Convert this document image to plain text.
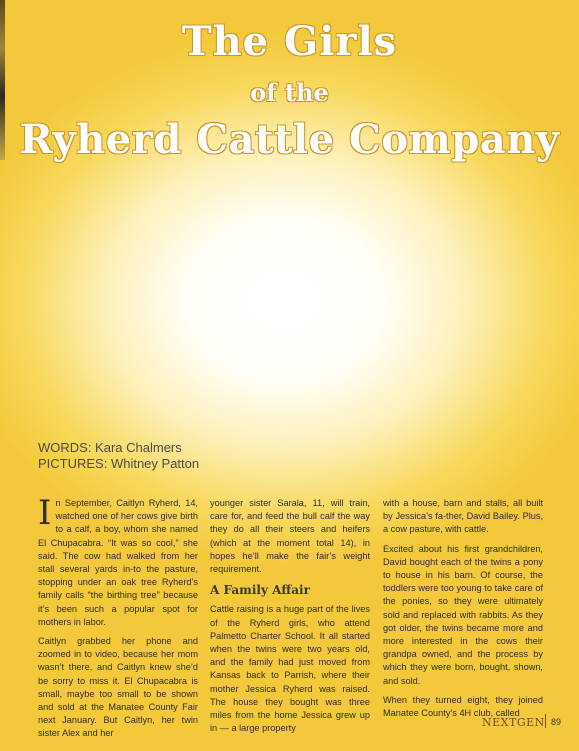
The Girls
of the
Ryherd Cattle Company
WORDS: Kara Chalmers
PICTURES: Whitney Patton

In September, Caitlyn Ryherd, 14, watched one of her cows give birth to a calf, a boy, whom she named El Chupacabra. “It was so cool,” she said. The cow had walked from her stall several yards in-to the pasture, stopping under an oak tree Ryherd’s family calls “the birthing tree” because it’s been such a popular spot for mothers in labor.

Caitlyn grabbed her phone and zoomed in to video, because her mom wasn’t there, and Caitlyn knew she’d be sorry to miss it. El Chupacabra is small, maybe too small to be shown and sold at the Manatee County Fair next January. But Caitlyn, her twin sister Alex and her

younger sister Sarala, 11, will train, care for, and feed the bull calf the way they do all their steers and heifers (which at the moment total 14), in hopes he’ll make the fair’s weight requirement.

A Family Affair

Cattle raising is a huge part of the lives of the Ryherd girls, who attend Palmetto Charter School. It all started when the twins were two years old, and the family had just moved from Kansas back to Parrish, where their mother Jessica Ryherd was raised. The house they bought was three miles from the home Jessica grew up in — a large property

with a house, barn and stalls, all built by Jessica’s fa-ther, David Bailey. Plus, a cow pasture, with cattle.

Excited about his first grandchildren, David bought each of the twins a pony to house in his barn. Of course, the toddlers were too young to take care of the ponies, so they were ultimately sold and replaced with rabbits. As they got older, the twins became more and more interested in the cows their grandpa owned, and the process by which they were born, bought, shown, and sold.

When they turned eight, they joined Manatee County’s 4H club, called

NEXTGEN 89
